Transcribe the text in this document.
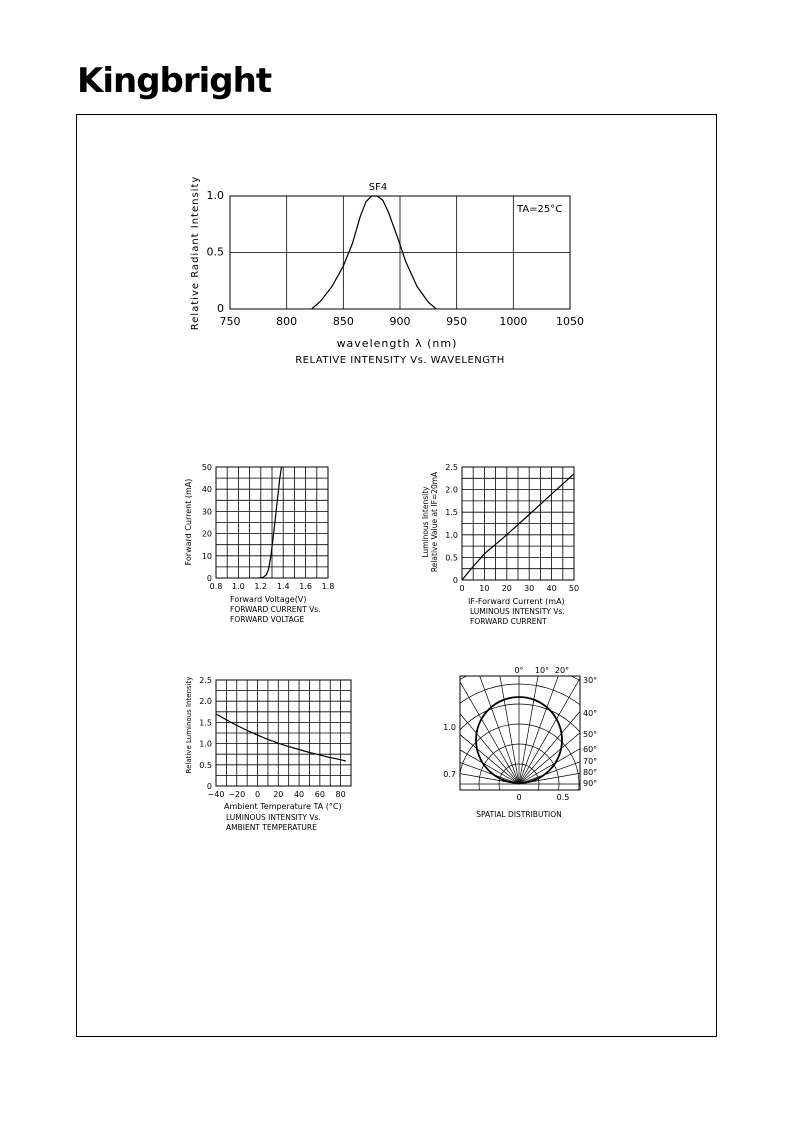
Kingbright
750	800	850	900	950	1000	1050
0
0.5
1.0
SF4
TA=25°C
Relative Radiant Intensity
wavelength λ (nm)
RELATIVE INTENSITY Vs. WAVELENGTH
0.8 1.0 1.2 1.4 1.6 1.8
0
10
20
30
40
50
Forward Current (mA)
Forward Voltage(V)
FORWARD CURRENT Vs.
FORWARD VOLTAGE
0 10 20 30 40 50
0
0.5
1.0
1.5
2.0
2.5
Luminous Intensity Relative Value at IF=20mA
IF-Forward Current (mA)
LUMINOUS INTENSITY Vs.
FORWARD CURRENT
−40 −20 0 20 40 60 80
0
0.5
1.0
1.5
2.0
2.5
Relative Luminous Intensity
Ambient Temperature TA (°C)
LUMINOUS INTENSITY Vs.
AMBIENT TEMPERATURE
0° 10° 20°
30°
40°
50°
60°
70°
80°
90°
1.0
0.7
0	0.5
SPATIAL DISTRIBUTION
